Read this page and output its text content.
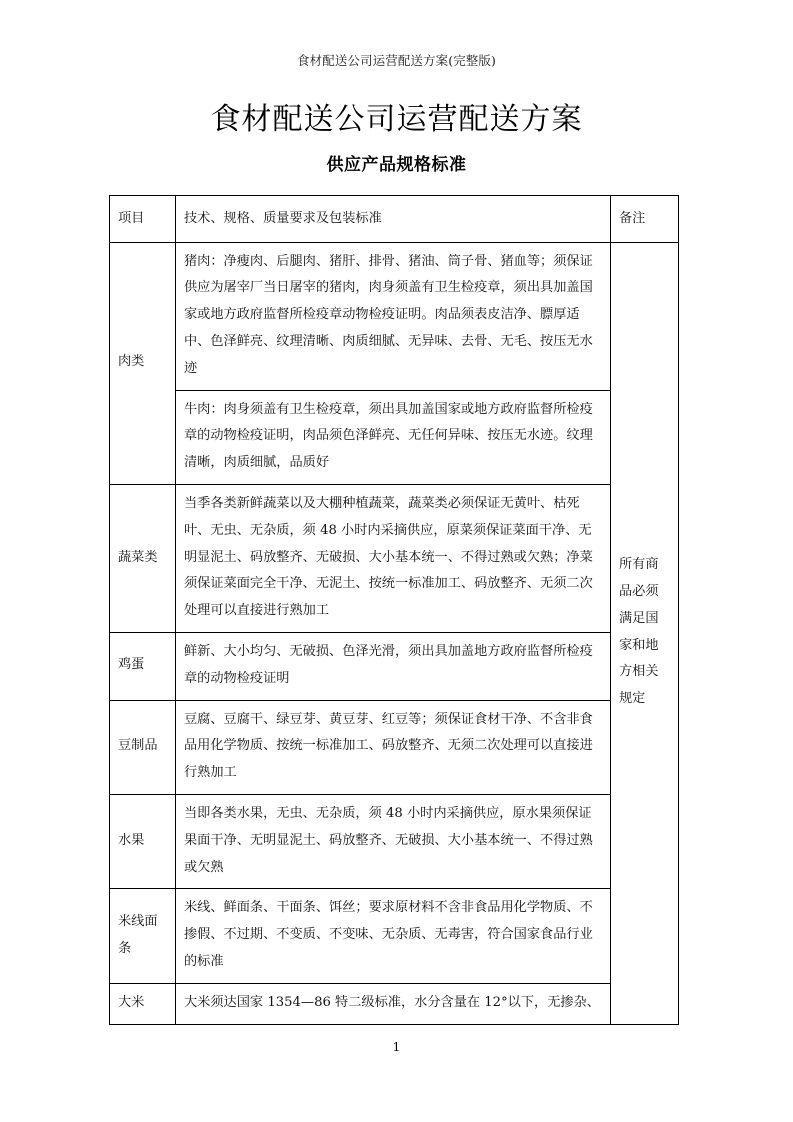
食材配送公司运营配送方案(完整版)
食材配送公司运营配送方案
供应产品规格标准
项目	技术、规格、质量要求及包装标准	备注
肉类	猪肉：净瘦肉、后腿肉、猪肝、排骨、猪油、筒子骨、猪血等；须保证供应为屠宰厂当日屠宰的猪肉，肉身须盖有卫生检疫章，须出具加盖国家或地方政府监督所检疫章动物检疫证明。肉品须表皮洁净、膘厚适中、色泽鲜亮、纹理清晰、肉质细腻、无异味、去骨、无毛、按压无水迹	所有商品必须满足国家和地方相关规定
	牛肉：肉身须盖有卫生检疫章，须出具加盖国家或地方政府监督所检疫章的动物检疫证明，肉品须色泽鲜亮、无任何异味、按压无水迹。纹理清晰，肉质细腻，品质好	
蔬菜类	当季各类新鲜蔬菜以及大棚种植蔬菜，蔬菜类必须保证无黄叶、枯死叶、无虫、无杂质，须 48 小时内采摘供应，原菜须保证菜面干净、无明显泥土、码放整齐、无破损、大小基本统一、不得过熟或欠熟；净菜须保证菜面完全干净、无泥土、按统一标准加工、码放整齐、无须二次处理可以直接进行熟加工	
鸡蛋	鲜新、大小均匀、无破损、色泽光滑，须出具加盖地方政府监督所检疫章的动物检疫证明	
豆制品	豆腐、豆腐干、绿豆芽、黄豆芽、红豆等；须保证食材干净、不含非食品用化学物质、按统一标准加工、码放整齐、无须二次处理可以直接进行熟加工	
水果	当即各类水果，无虫、无杂质，须 48 小时内采摘供应，原水果须保证果面干净、无明显泥土、码放整齐、无破损、大小基本统一、不得过熟或欠熟	
米线面条	米线、鲜面条、干面条、饵丝；要求原材料不含非食品用化学物质、不掺假、不过期、不变质、不变味、无杂质、无毒害，符合国家食品行业的标准	
大米	大米须达国家 1354—86 特二级标准，水分含量在 12°以下，无掺杂、	
1
